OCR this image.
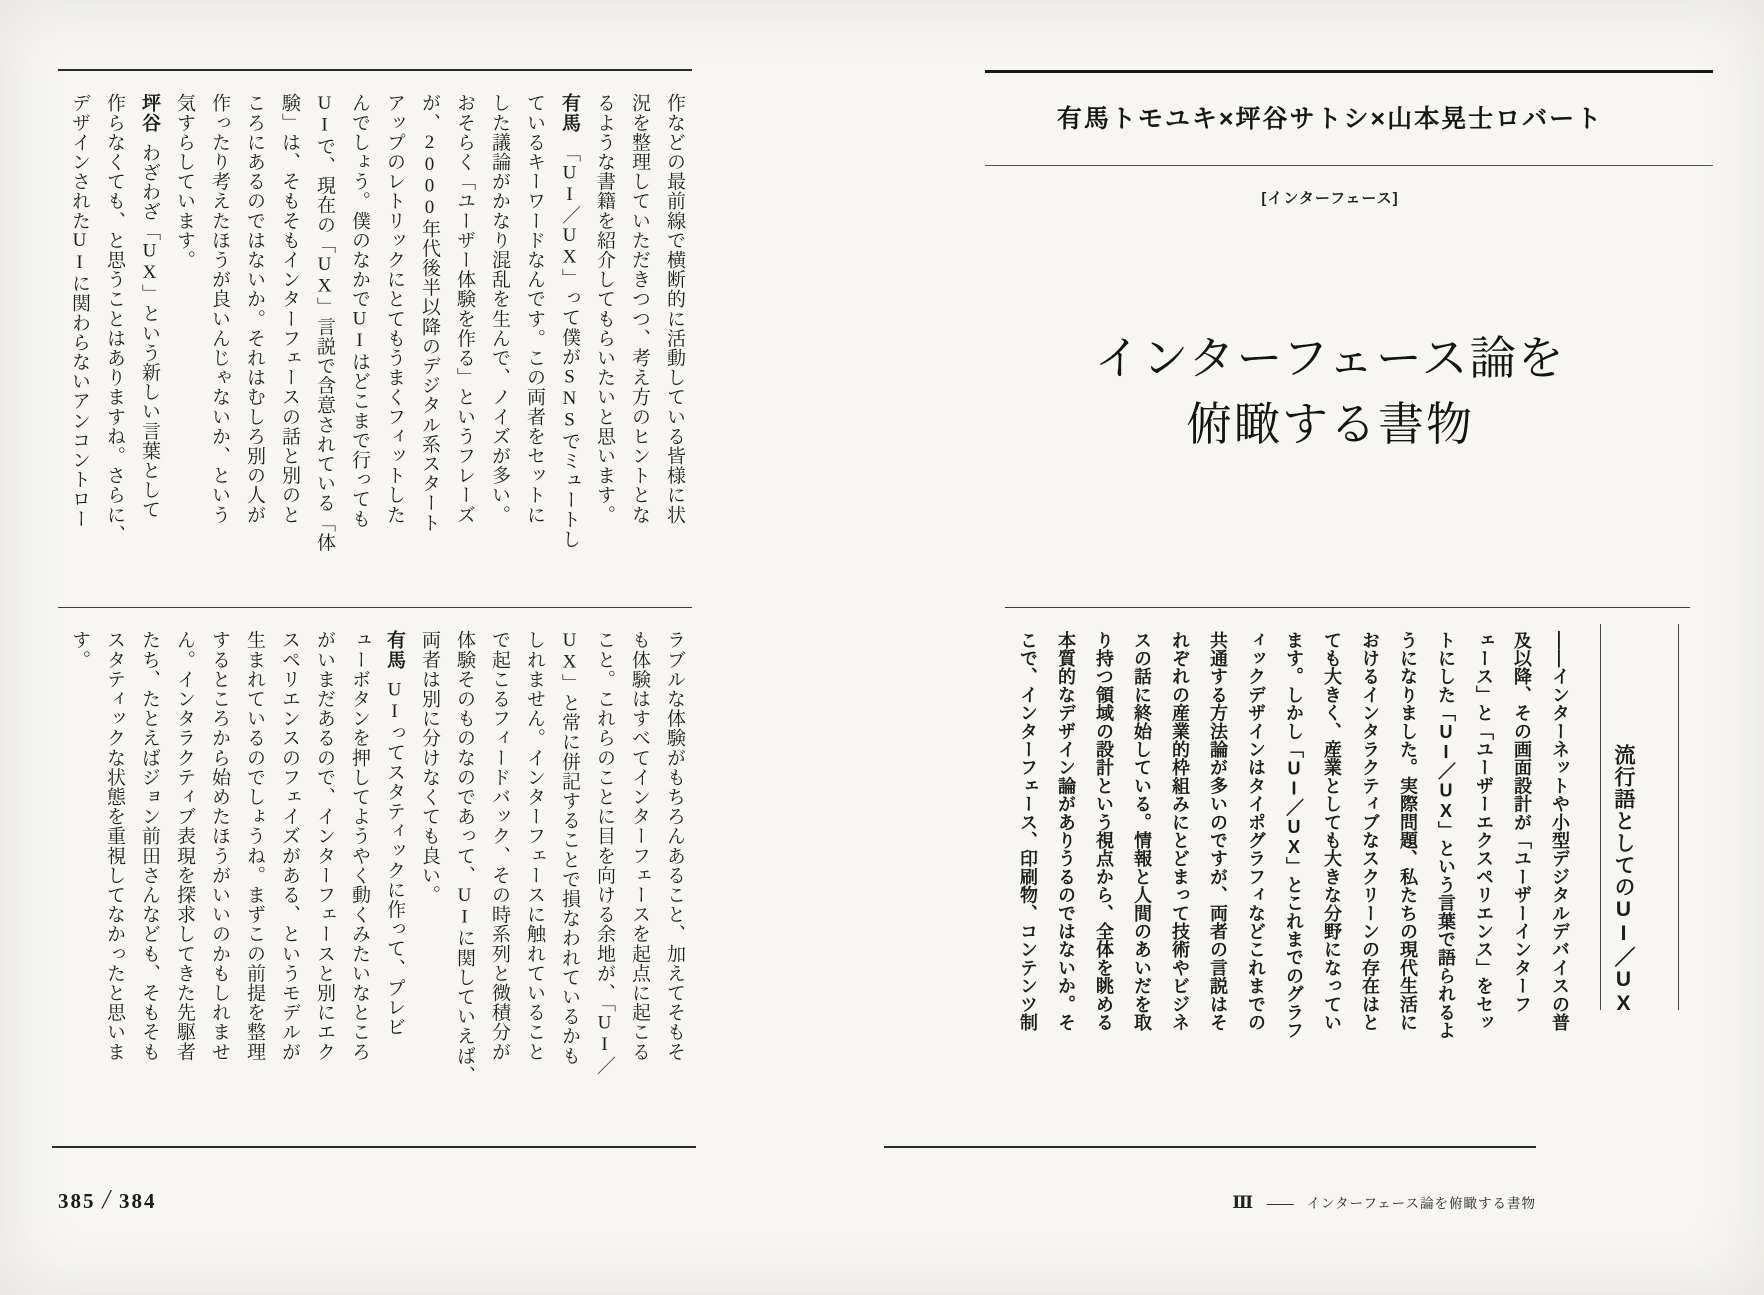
作などの最前線で横断的に活動している皆様に状
況を整理していただきつつ、考え方のヒントとな
るような書籍を紹介してもらいたいと思います。
有馬「UI／UX」って僕がSNSでミュートし
ているキーワードなんです。この両者をセットに
した議論がかなり混乱を生んで、ノイズが多い。
おそらく「ユーザー体験を作る」というフレーズ
が、2000年代後半以降のデジタル系スタート
アップのレトリックにとてもうまくフィットした
んでしょう。僕のなかでUIはどこまで行っても
UIで、現在の「UX」言説で含意されている「体
験」は、そもそもインターフェースの話と別のと
ころにあるのではないか。それはむしろ別の人が
作ったり考えたほうが良いんじゃないか、という
気すらしています。
坪谷わざわざ「UX」という新しい言葉として
作らなくても、と思うことはありますね。さらに、
デザインされたUIに関わらないアンコントロー
ラブルな体験がもちろんあること、加えてそもそ
も体験はすべてインターフェースを起点に起こる
こと。これらのことに目を向ける余地が、「UI／
UX」と常に併記することで損なわれているかも
しれません。インターフェースに触れていること
で起こるフィードバック、その時系列と微積分が
体験そのものなのであって、UIに関していえば、
両者は別に分けなくても良い。
有馬UIってスタティックに作って、プレビ
ューボタンを押してようやく動くみたいなところ
がいまだあるので、インターフェースと別にエク
スペリエンスのフェイズがある、というモデルが
生まれているのでしょうね。まずこの前提を整理
するところから始めたほうがいいのかもしれませ
ん。インタラクティブ表現を探求してきた先駆者
たち、たとえばジョン前田さんなども、そもそも
スタティックな状態を重視してなかったと思いま
す。
385 / 384
有馬トモユキ×坪谷サトシ×山本晃士ロバート
[インターフェース]
インターフェース論を
俯瞰する書物
流行語としてのUI／UX
——インターネットや小型デジタルデバイスの普
及以降、その画面設計が「ユーザーインターフ
ェース」と「ユーザーエクスペリエンス」をセッ
トにした「UI／UX」という言葉で語られるよ
うになりました。実際問題、私たちの現代生活に
おけるインタラクティブなスクリーンの存在はと
ても大きく、産業としても大きな分野になってい
ます。しかし「UI／UX」とこれまでのグラフ
ィックデザインはタイポグラフィなどこれまでの
共通する方法論が多いのですが、両者の言説はそ
れぞれの産業的枠組みにとどまって技術やビジネ
スの話に終始している。情報と人間のあいだを取
り持つ領域の設計という視点から、全体を眺める
本質的なデザイン論がありうるのではないか。そ
こで、インターフェース、印刷物、コンテンツ制
Ⅲ —— インターフェース論を俯瞰する書物
